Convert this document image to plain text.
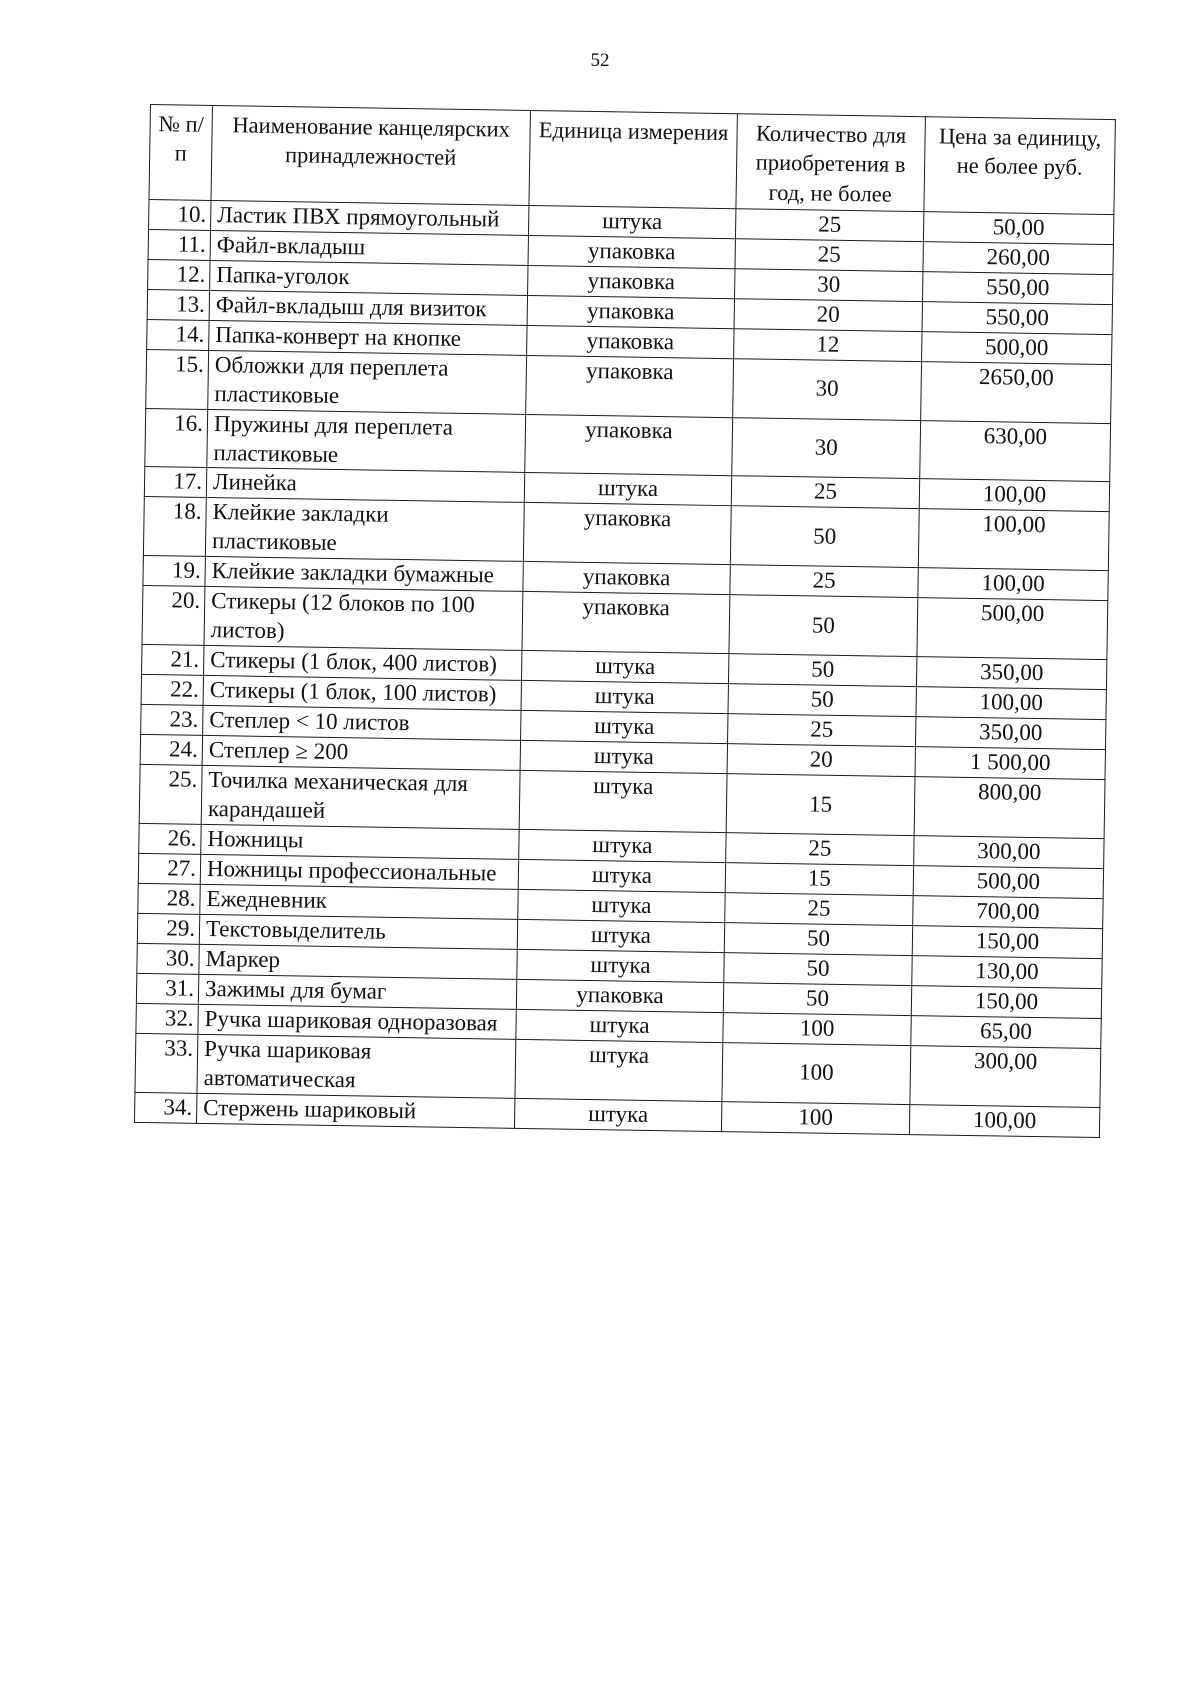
52
№ п/п	Наименование канцелярских принадлежностей	Единица измерения	Количество для приобретения в год, не более	Цена за единицу, не более руб.
10.	Ластик ПВХ прямоугольный	штука	25	50,00
11.	Файл-вкладыш	упаковка	25	260,00
12.	Папка-уголок	упаковка	30	550,00
13.	Файл-вкладыш для визиток	упаковка	20	550,00
14.	Папка-конверт на кнопке	упаковка	12	500,00
15.	Обложки для переплета пластиковые	упаковка	30	2650,00
16.	Пружины для переплета пластиковые	упаковка	30	630,00
17.	Линейка	штука	25	100,00
18.	Клейкие закладки пластиковые	упаковка	50	100,00
19.	Клейкие закладки бумажные	упаковка	25	100,00
20.	Стикеры (12 блоков по 100 листов)	упаковка	50	500,00
21.	Стикеры (1 блок, 400 листов)	штука	50	350,00
22.	Стикеры (1 блок, 100 листов)	штука	50	100,00
23.	Степлер < 10 листов	штука	25	350,00
24.	Степлер ≥ 200	штука	20	1 500,00
25.	Точилка механическая для карандашей	штука	15	800,00
26.	Ножницы	штука	25	300,00
27.	Ножницы профессиональные	штука	15	500,00
28.	Ежедневник	штука	25	700,00
29.	Текстовыделитель	штука	50	150,00
30.	Маркер	штука	50	130,00
31.	Зажимы для бумаг	упаковка	50	150,00
32.	Ручка шариковая одноразовая	штука	100	65,00
33.	Ручка шариковая автоматическая	штука	100	300,00
34.	Стержень шариковый	штука	100	100,00
